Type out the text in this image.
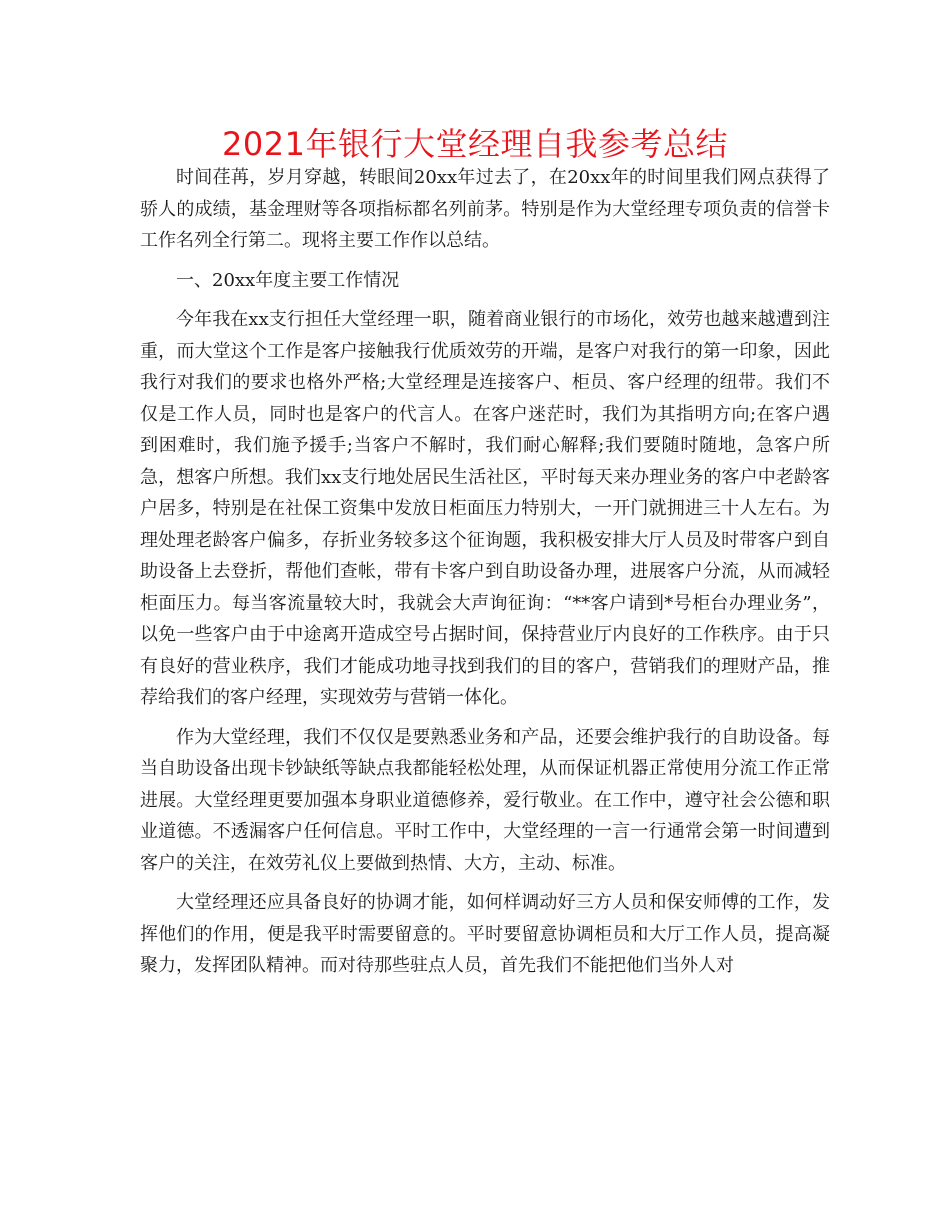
2021年银行大堂经理自我参考总结

时间荏苒，岁月穿越，转眼间20xx年过去了，在20xx年的时间里我们网点获得了骄人的成绩，基金理财等各项指标都名列前茅。特别是作为大堂经理专项负责的信誉卡工作名列全行第二。现将主要工作作以总结。

一、20xx年度主要工作情况

今年我在xx支行担任大堂经理一职，随着商业银行的市场化，效劳也越来越遭到注重，而大堂这个工作是客户接触我行优质效劳的开端，是客户对我行的第一印象，因此我行对我们的要求也格外严格;大堂经理是连接客户、柜员、客户经理的纽带。我们不仅是工作人员，同时也是客户的代言人。在客户迷茫时，我们为其指明方向;在客户遇到困难时，我们施予援手;当客户不解时，我们耐心解释;我们要随时随地，急客户所急，想客户所想。我们xx支行地处居民生活社区，平时每天来办理业务的客户中老龄客户居多，特别是在社保工资集中发放日柜面压力特别大，一开门就拥进三十人左右。为理处理老龄客户偏多，存折业务较多这个征询题，我积极安排大厅人员及时带客户到自助设备上去登折，帮他们查帐，带有卡客户到自助设备办理，进展客户分流，从而减轻柜面压力。每当客流量较大时，我就会大声询征询：“**客户请到*号柜台办理业务”，以免一些客户由于中途离开造成空号占据时间，保持营业厅内良好的工作秩序。由于只有良好的营业秩序，我们才能成功地寻找到我们的目的客户，营销我们的理财产品，推荐给我们的客户经理，实现效劳与营销一体化。

作为大堂经理，我们不仅仅是要熟悉业务和产品，还要会维护我行的自助设备。每当自助设备出现卡钞缺纸等缺点我都能轻松处理，从而保证机器正常使用分流工作正常进展。大堂经理更要加强本身职业道德修养，爱行敬业。在工作中，遵守社会公德和职业道德。不透漏客户任何信息。平时工作中，大堂经理的一言一行通常会第一时间遭到客户的关注，在效劳礼仪上要做到热情、大方，主动、标准。

大堂经理还应具备良好的协调才能，如何样调动好三方人员和保安师傅的工作，发挥他们的作用，便是我平时需要留意的。平时要留意协调柜员和大厅工作人员，提高凝聚力，发挥团队精神。而对待那些驻点人员，首先我们不能把他们当外人对
